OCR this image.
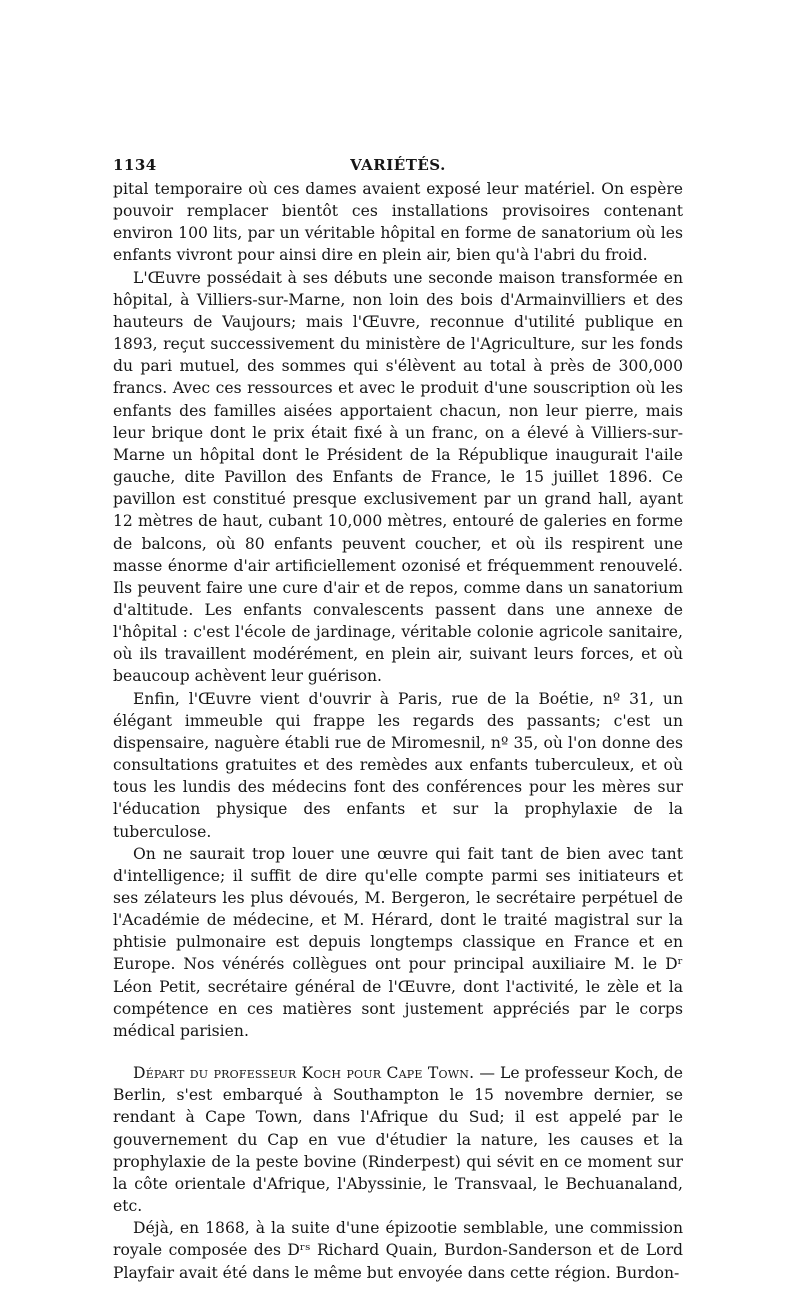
1134	VARIÉTÉS.

pital temporaire où ces dames avaient exposé leur matériel. On espère pouvoir remplacer bientôt ces installations provisoires contenant environ 100 lits, par un véritable hôpital en forme de sanatorium où les enfants vivront pour ainsi dire en plein air, bien qu'à l'abri du froid.

L'Œuvre possédait à ses débuts une seconde maison transformée en hôpital, à Villiers-sur-Marne, non loin des bois d'Armainvilliers et des hauteurs de Vaujours; mais l'Œuvre, reconnue d'utilité publique en 1893, reçut successivement du ministère de l'Agriculture, sur les fonds du pari mutuel, des sommes qui s'élèvent au total à près de 300,000 francs. Avec ces ressources et avec le produit d'une souscription où les enfants des familles aisées apportaient chacun, non leur pierre, mais leur brique dont le prix était fixé à un franc, on a élevé à Villiers-sur-Marne un hôpital dont le Président de la République inaugurait l'aile gauche, dite Pavillon des Enfants de France, le 15 juillet 1896. Ce pavillon est constitué presque exclusivement par un grand hall, ayant 12 mètres de haut, cubant 10,000 mètres, entouré de galeries en forme de balcons, où 80 enfants peuvent coucher, et où ils respirent une masse énorme d'air artificiellement ozonisé et fréquemment renouvelé. Ils peuvent faire une cure d'air et de repos, comme dans un sanatorium d'altitude. Les enfants convalescents passent dans une annexe de l'hôpital : c'est l'école de jardinage, véritable colonie agricole sanitaire, où ils travaillent modérément, en plein air, suivant leurs forces, et où beaucoup achèvent leur guérison.

Enfin, l'Œuvre vient d'ouvrir à Paris, rue de la Boétie, nº 31, un élégant immeuble qui frappe les regards des passants; c'est un dispensaire, naguère établi rue de Miromesnil, nº 35, où l'on donne des consultations gratuites et des remèdes aux enfants tuberculeux, et où tous les lundis des médecins font des conférences pour les mères sur l'éducation physique des enfants et sur la prophylaxie de la tuberculose.

On ne saurait trop louer une œuvre qui fait tant de bien avec tant d'intelligence; il suffit de dire qu'elle compte parmi ses initiateurs et ses zélateurs les plus dévoués, M. Bergeron, le secrétaire perpétuel de l'Académie de médecine, et M. Hérard, dont le traité magistral sur la phtisie pulmonaire est depuis longtemps classique en France et en Europe. Nos vénérés collègues ont pour principal auxiliaire M. le Dʳ Léon Petit, secrétaire général de l'Œuvre, dont l'activité, le zèle et la compétence en ces matières sont justement appréciés par le corps médical parisien.

Départ du professeur Koch pour Cape Town. — Le professeur Koch, de Berlin, s'est embarqué à Southampton le 15 novembre dernier, se rendant à Cape Town, dans l'Afrique du Sud; il est appelé par le gouvernement du Cap en vue d'étudier la nature, les causes et la prophylaxie de la peste bovine (Rinderpest) qui sévit en ce moment sur la côte orientale d'Afrique, l'Abyssinie, le Transvaal, le Bechuanaland, etc.

Déjà, en 1868, à la suite d'une épizootie semblable, une commission royale composée des Dʳˢ Richard Quain, Burdon-Sanderson et de Lord Playfair avait été dans le même but envoyée dans cette région. Burdon-
